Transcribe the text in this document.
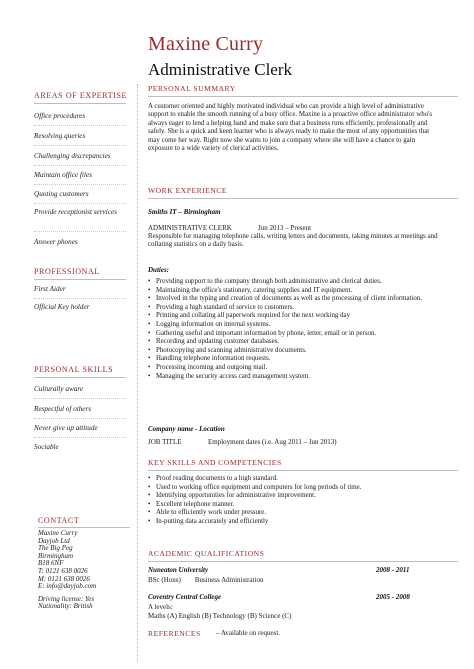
Maxine Curry
Administrative Clerk
AREAS OF EXPERTISE
Office procedures
Resolving queries
Challenging discrepancies
Maintain office files
Quoting customers
Provide receptionist services
Answer phones
PROFESSIONAL
First Aider
Official Key holder
PERSONAL SKILLS
Culturally aware
Respectful of others
Never give up attitude
Sociable
CONTACT
Maxine Curry
Dayjob Ltd
The Big Peg
Birmingham
B18 6NF
T: 0121 638 0026
M: 0121 638 0026
E: info@dayjob.com
Driving license: Yes
Nationality: British
PERSONAL SUMMARY
A customer oriented and highly motivated individual who can provide a high level of administrative support to enable the smooth running of a busy office. Maxine is a proactive office administrator who's always eager to lend a helping hand and make sure that a business runs efficiently, professionally and safely. She is a quick and keen learner who is always ready to make the most of any opportunities that may come her way. Right now she wants to join a company where she will have a chance to gain exposure to a wide variety of clerical activities.
WORK EXPERIENCE
Smiths IT – Birmingham
ADMINISTRATIVE CLERK	Jun 2013 – Present
Responsible for managing telephone calls, writing letters and documents, taking minutes at meetings and collating statistics on a daily basis.
Duties:
• Providing support to the company through both administrative and clerical duties.
• Maintaining the office's stationery, catering supplies and IT equipment.
• Involved in the typing and creation of documents as well as the processing of client information.
• Providing a high standard of service to customers.
• Printing and collating all paperwork required for the next working day
• Logging information on internal systems.
• Gathering useful and important information by phone, letter, email or in person.
• Recording and updating customer databases.
• Photocopying and scanning administrative documents.
• Handling telephone information requests.
• Processing incoming and outgoing mail.
• Managing the security access card management system.
Company name - Location
JOB TITLE	Employment dates (i.e. Aug 2011 – Jun 2013)
KEY SKILLS AND COMPETENCIES
• Proof reading documents to a high standard.
• Used to working office equipment and computers for long periods of time.
• Identifying opportunities for administrative improvement.
• Excellent telephone manner.
• Able to efficiently work under pressure.
• In-putting data accurately and efficiently
ACADEMIC QUALIFICATIONS
Nuneaton University	2008 - 2011
BSc (Hons)        Business Administration
Coventry Central College	2005 - 2008
A levels:
Maths (A) English (B) Technology (B) Science (C)
REFERENCES – Available on request.
